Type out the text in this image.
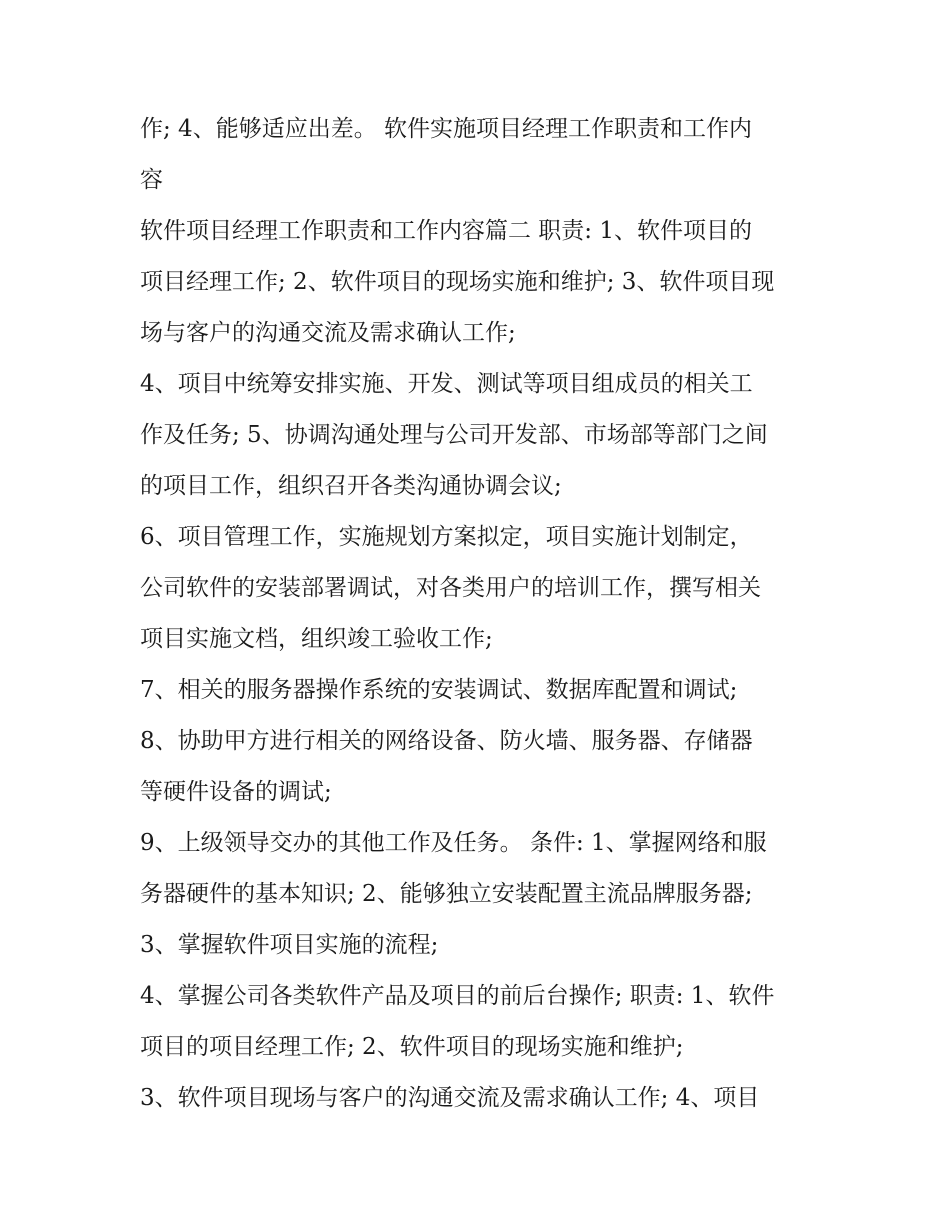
作; 4、能够适应出差。 软件实施项目经理工作职责和工作内
容
软件项目经理工作职责和工作内容篇二 职责: 1、软件项目的
项目经理工作; 2、软件项目的现场实施和维护; 3、软件项目现
场与客户的沟通交流及需求确认工作;
4、项目中统筹安排实施、开发、测试等项目组成员的相关工
作及任务; 5、协调沟通处理与公司开发部、市场部等部门之间
的项目工作，组织召开各类沟通协调会议;
6、项目管理工作，实施规划方案拟定，项目实施计划制定，
公司软件的安装部署调试，对各类用户的培训工作，撰写相关
项目实施文档，组织竣工验收工作;
7、相关的服务器操作系统的安装调试、数据库配置和调试;
8、协助甲方进行相关的网络设备、防火墙、服务器、存储器
等硬件设备的调试;
9、上级领导交办的其他工作及任务。 条件: 1、掌握网络和服
务器硬件的基本知识; 2、能够独立安装配置主流品牌服务器;
3、掌握软件项目实施的流程;
4、掌握公司各类软件产品及项目的前后台操作; 职责: 1、软件
项目的项目经理工作; 2、软件项目的现场实施和维护;
3、软件项目现场与客户的沟通交流及需求确认工作; 4、项目
